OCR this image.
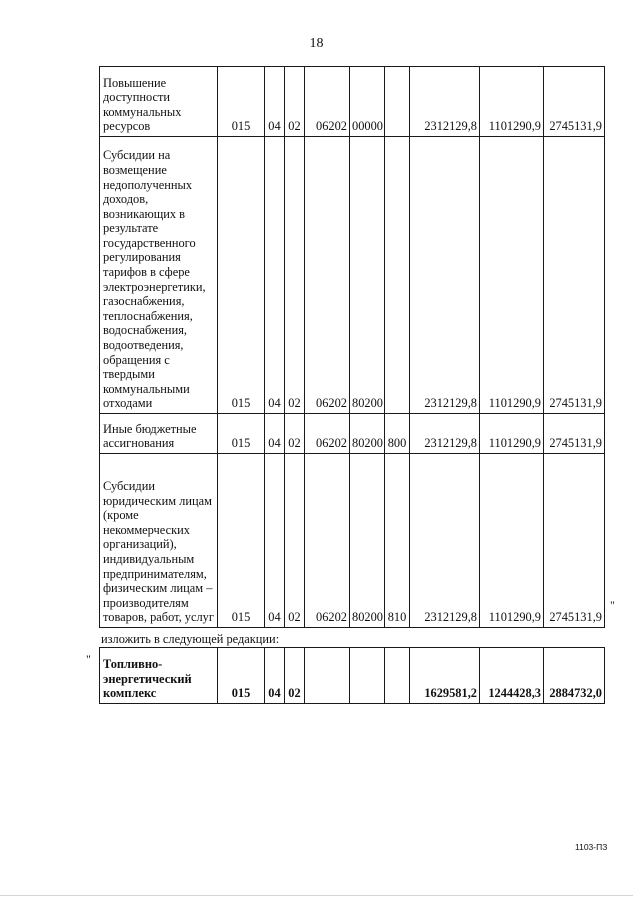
18
Повышение доступности коммунальных ресурсов	015	04	02	06202	00000		2312129,8	1101290,9	2745131,9
Субсидии на возмещение недополученных доходов, возникающих в результате государственного регулирования тарифов в сфере электроэнергетики, газоснабжения, теплоснабжения, водоснабжения, водоотведения, обращения с твердыми коммунальными отходами	015	04	02	06202	80200		2312129,8	1101290,9	2745131,9
Иные бюджетные ассигнования	015	04	02	06202	80200	800	2312129,8	1101290,9	2745131,9
Субсидии юридическим лицам (кроме некоммерческих организаций), индивидуальным предпринимателям, физическим лицам – производителям товаров, работ, услуг	015	04	02	06202	80200	810	2312129,8	1101290,9	2745131,9
"
изложить в следующей редакции:
" Топливно-энергетический комплекс	015	04	02				1629581,2	1244428,3	2884732,0
1103-ПЗ
